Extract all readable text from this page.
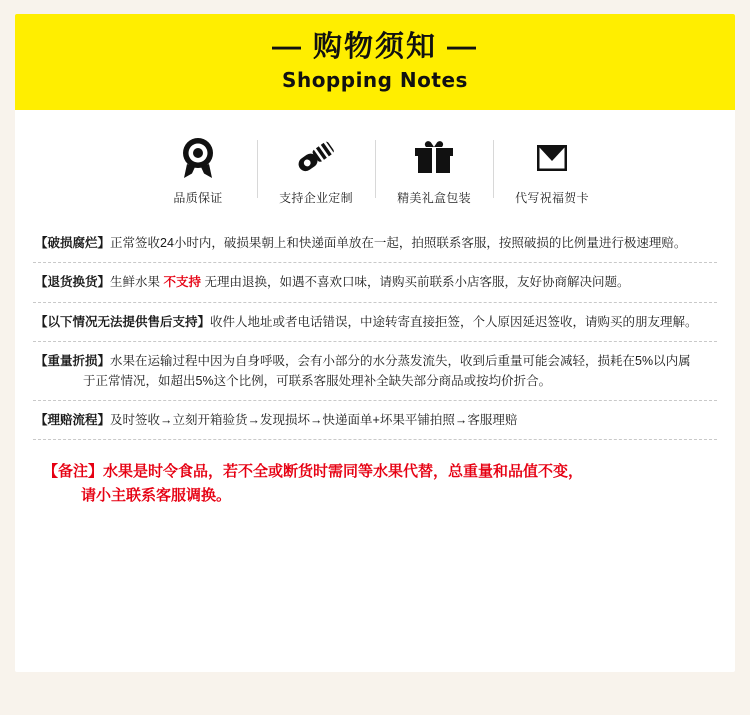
— 购物须知 —
Shopping Notes
品质保证	支持企业定制	精美礼盒包装	代写祝福贺卡
【破损腐烂】正常签收24小时内，破损果朝上和快递面单放在一起，拍照联系客服，按照破损的比例量进行极速理赔。
【退货换货】生鲜水果 不支持 无理由退换，如遇不喜欢口味，请购买前联系小店客服，友好协商解决问题。
【以下情况无法提供售后支持】收件人地址或者电话错误，中途转寄直接拒签，个人原因延迟签收，请购买的朋友理解。
【重量折损】水果在运输过程中因为自身呼吸，会有小部分的水分蒸发流失，收到后重量可能会减轻，损耗在5%以内属
于正常情况，如超出5%这个比例，可联系客服处理补全缺失部分商品或按均价折合。
【理赔流程】及时签收→立刻开箱验货→发现损坏→快递面单+坏果平铺拍照→客服理赔
【备注】水果是时令食品，若不全或断货时需同等水果代替，总重量和品值不变，
请小主联系客服调换。
